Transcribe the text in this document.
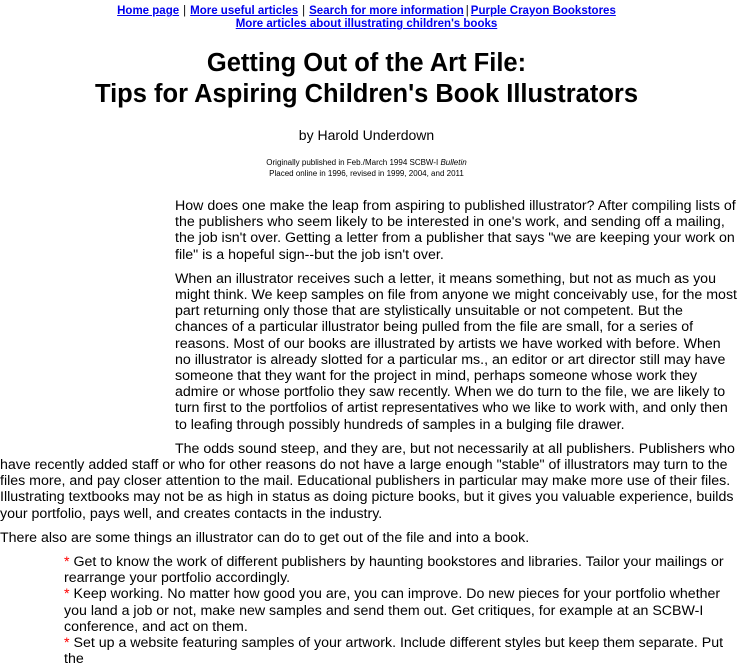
Home page | More useful articles | Search for more information | Purple Crayon Bookstores
More articles about illustrating children's books
Getting Out of the Art File:
Tips for Aspiring Children's Book Illustrators
by Harold Underdown
Originally published in Feb./March 1994 SCBW-I Bulletin
Placed online in 1996, revised in 1999, 2004, and 2011

How does one make the leap from aspiring to published illustrator? After compiling lists of the publishers who seem likely to be interested in one's work, and sending off a mailing, the job isn't over. Getting a letter from a publisher that says "we are keeping your work on file" is a hopeful sign--but the job isn't over.

When an illustrator receives such a letter, it means something, but not as much as you might think. We keep samples on file from anyone we might conceivably use, for the most part returning only those that are stylistically unsuitable or not competent. But the chances of a particular illustrator being pulled from the file are small, for a series of reasons. Most of our books are illustrated by artists we have worked with before. When no illustrator is already slotted for a particular ms., an editor or art director still may have someone that they want for the project in mind, perhaps someone whose work they admire or whose portfolio they saw recently. When we do turn to the file, we are likely to turn first to the portfolios of artist representatives who we like to work with, and only then to leafing through possibly hundreds of samples in a bulging file drawer.

The odds sound steep, and they are, but not necessarily at all publishers. Publishers who have recently added staff or who for other reasons do not have a large enough "stable" of illustrators may turn to the files more, and pay closer attention to the mail. Educational publishers in particular may make more use of their files. Illustrating textbooks may not be as high in status as doing picture books, but it gives you valuable experience, builds your portfolio, pays well, and creates contacts in the industry.

There also are some things an illustrator can do to get out of the file and into a book.

* Get to know the work of different publishers by haunting bookstores and libraries. Tailor your mailings or rearrange your portfolio accordingly.
* Keep working. No matter how good you are, you can improve. Do new pieces for your portfolio whether you land a job or not, make new samples and send them out. Get critiques, for example at an SCBW-I conference, and act on them.
* Set up a website featuring samples of your artwork. Include different styles but keep them separate. Put the
